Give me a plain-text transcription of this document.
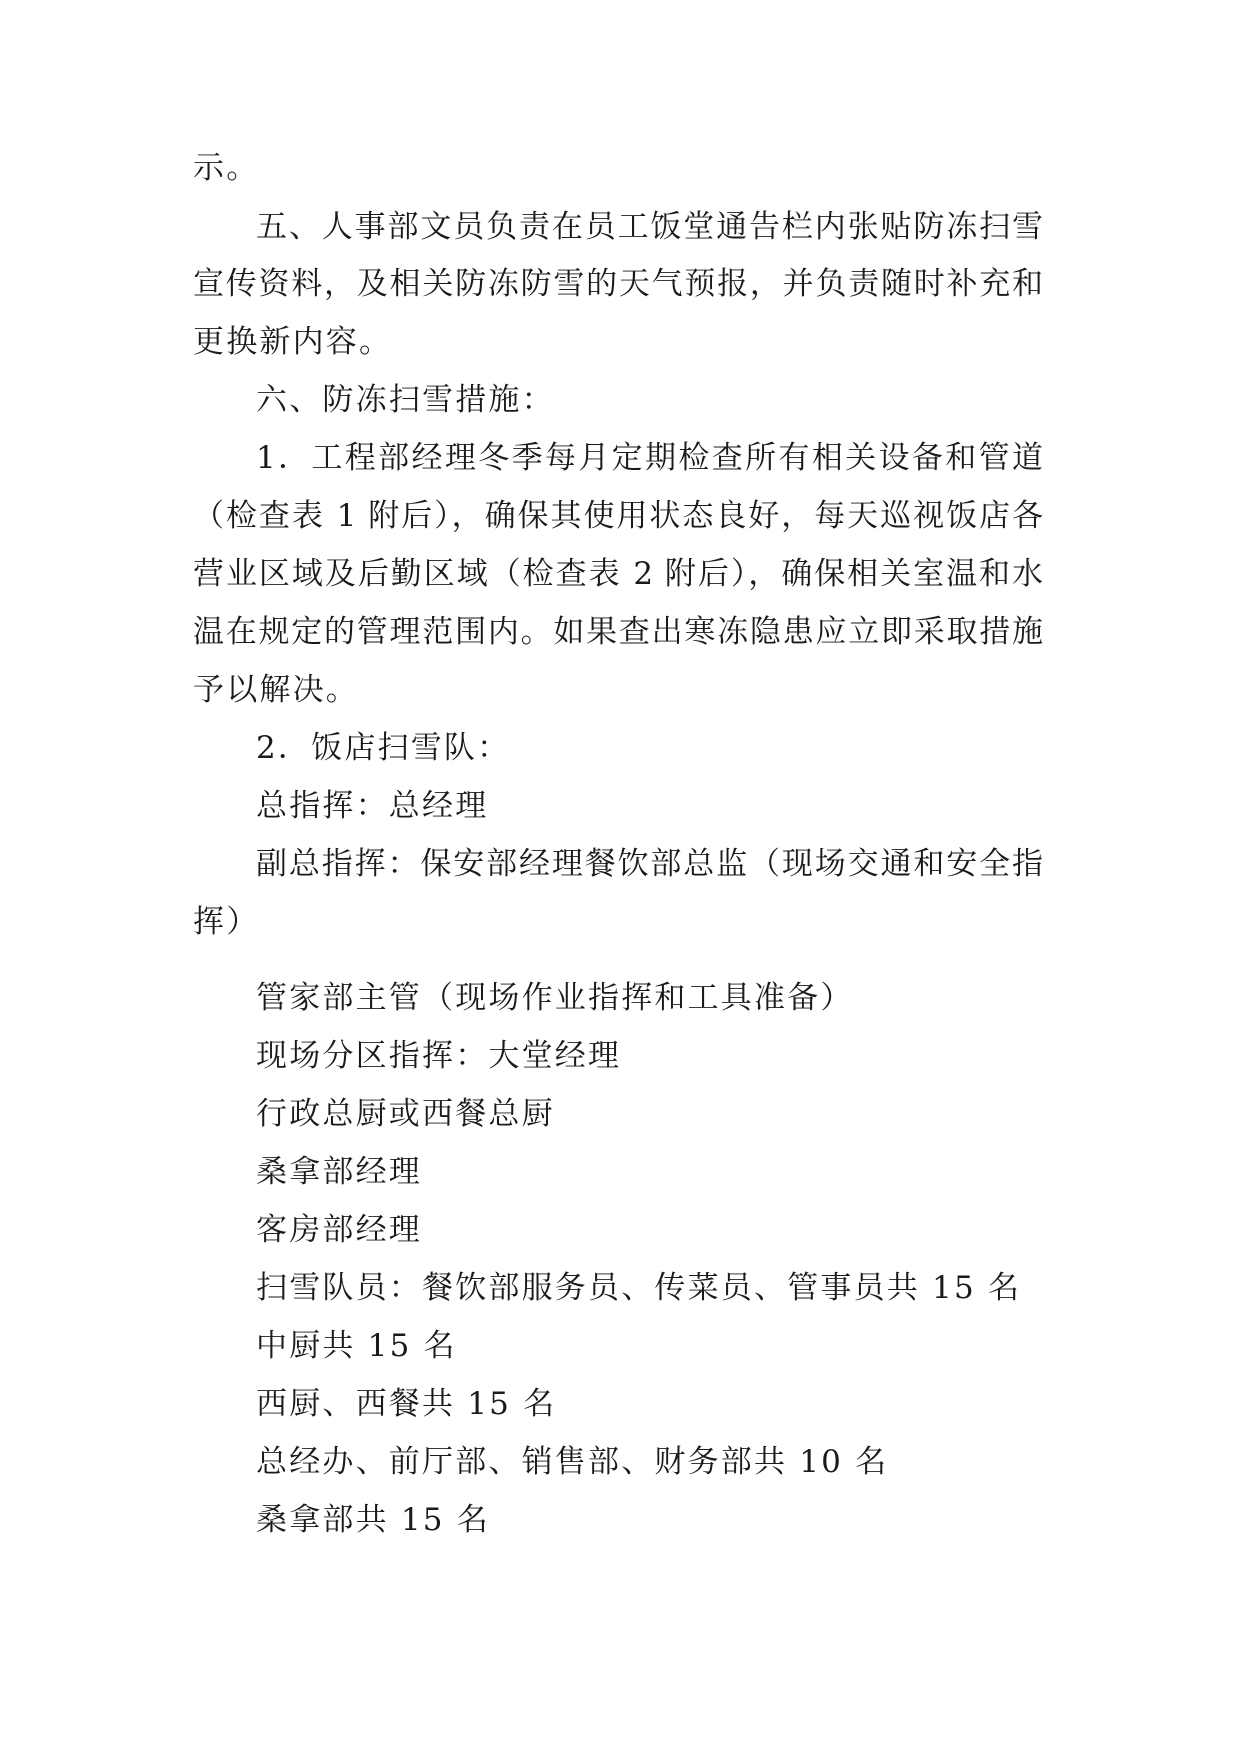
示。
五、人事部文员负责在员工饭堂通告栏内张贴防冻扫雪
宣传资料，及相关防冻防雪的天气预报，并负责随时补充和
更换新内容。
六、防冻扫雪措施：
1．工程部经理冬季每月定期检查所有相关设备和管道
（检查表 1 附后），确保其使用状态良好，每天巡视饭店各
营业区域及后勤区域（检查表 2 附后），确保相关室温和水
温在规定的管理范围内。如果查出寒冻隐患应立即采取措施
予以解决。
2．饭店扫雪队：
总指挥：总经理
副总指挥：保安部经理餐饮部总监（现场交通和安全指
挥）
管家部主管（现场作业指挥和工具准备）
现场分区指挥：大堂经理
行政总厨或西餐总厨
桑拿部经理
客房部经理
扫雪队员：餐饮部服务员、传菜员、管事员共 15 名
中厨共 15 名
西厨、西餐共 15 名
总经办、前厅部、销售部、财务部共 10 名
桑拿部共 15 名
